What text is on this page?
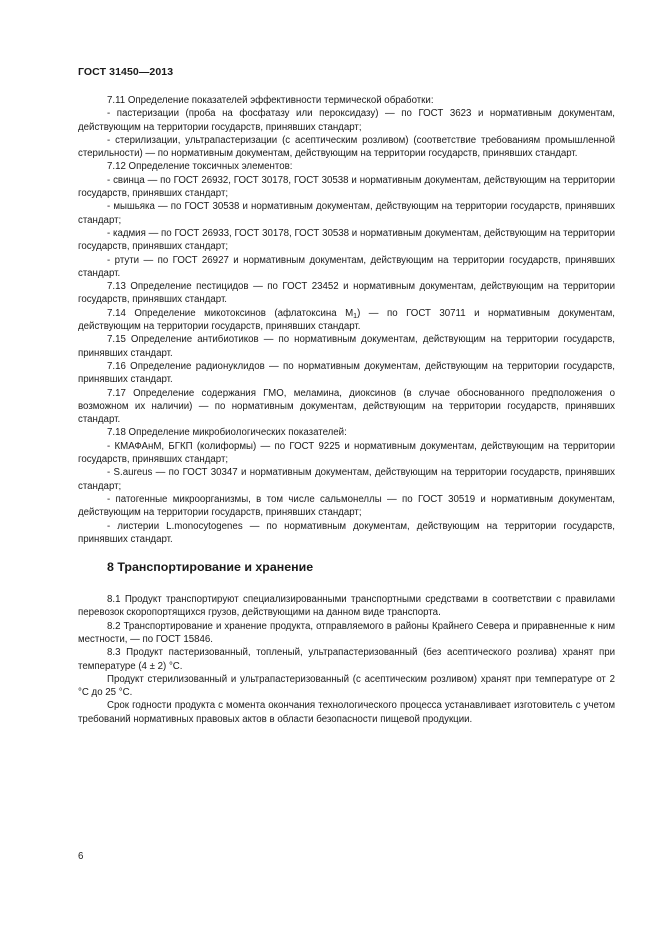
ГОСТ 31450—2013

7.11 Определение показателей эффективности термической обработки:

- пастеризации (проба на фосфатазу или пероксидазу) — по ГОСТ 3623 и нормативным документам, действующим на территории государств, принявших стандарт;

- стерилизации, ультрапастеризации (с асептическим розливом) (соответствие требованиям промышленной стерильности) — по нормативным документам, действующим на территории государств, принявших стандарт.

7.12 Определение токсичных элементов:

- свинца — по ГОСТ 26932, ГОСТ 30178, ГОСТ 30538 и нормативным документам, действующим на территории государств, принявших стандарт;

- мышьяка — по ГОСТ 30538 и нормативным документам, действующим на территории государств, принявших стандарт;

- кадмия — по ГОСТ 26933, ГОСТ 30178, ГОСТ 30538 и нормативным документам, действующим на территории государств, принявших стандарт;

- ртути — по ГОСТ 26927 и нормативным документам, действующим на территории государств, принявших стандарт.

7.13 Определение пестицидов — по ГОСТ 23452 и нормативным документам, действующим на территории государств, принявших стандарт.

7.14 Определение микотоксинов (афлатоксина $M_1$) — по ГОСТ 30711 и нормативным документам, действующим на территории государств, принявших стандарт.

7.15 Определение антибиотиков — по нормативным документам, действующим на территории государств, принявших стандарт.

7.16 Определение радионуклидов — по нормативным документам, действующим на территории государств, принявших стандарт.

7.17 Определение содержания ГМО, меламина, диоксинов (в случае обоснованного предположения о возможном их наличии) — по нормативным документам, действующим на территории государств, принявших стандарт.

7.18 Определение микробиологических показателей:

- КМАФАнМ, БГКП (колиформы) — по ГОСТ 9225 и нормативным документам, действующим на территории государств, принявших стандарт;

- S.aureus — по ГОСТ 30347 и нормативным документам, действующим на территории государств, принявших стандарт;

- патогенные микроорганизмы, в том числе сальмонеллы — по ГОСТ 30519 и нормативным документам, действующим на территории государств, принявших стандарт;

- листерии L.monocytogenes — по нормативным документам, действующим на территории государств, принявших стандарт.

8 Транспортирование и хранение

8.1 Продукт транспортируют специализированными транспортными средствами в соответствии с правилами перевозок скоропортящихся грузов, действующими на данном виде транспорта.

8.2 Транспортирование и хранение продукта, отправляемого в районы Крайнего Севера и приравненные к ним местности, — по ГОСТ 15846.

8.3 Продукт пастеризованный, топленый, ультрапастеризованный (без асептического розлива) хранят при температуре (4 ± 2) °С.

Продукт стерилизованный и ультрапастеризованный (с асептическим розливом) хранят при температуре от 2 °С до 25 °С.

Срок годности продукта с момента окончания технологического процесса устанавливает изготовитель с учетом требований нормативных правовых актов в области безопасности пищевой продукции.

6
